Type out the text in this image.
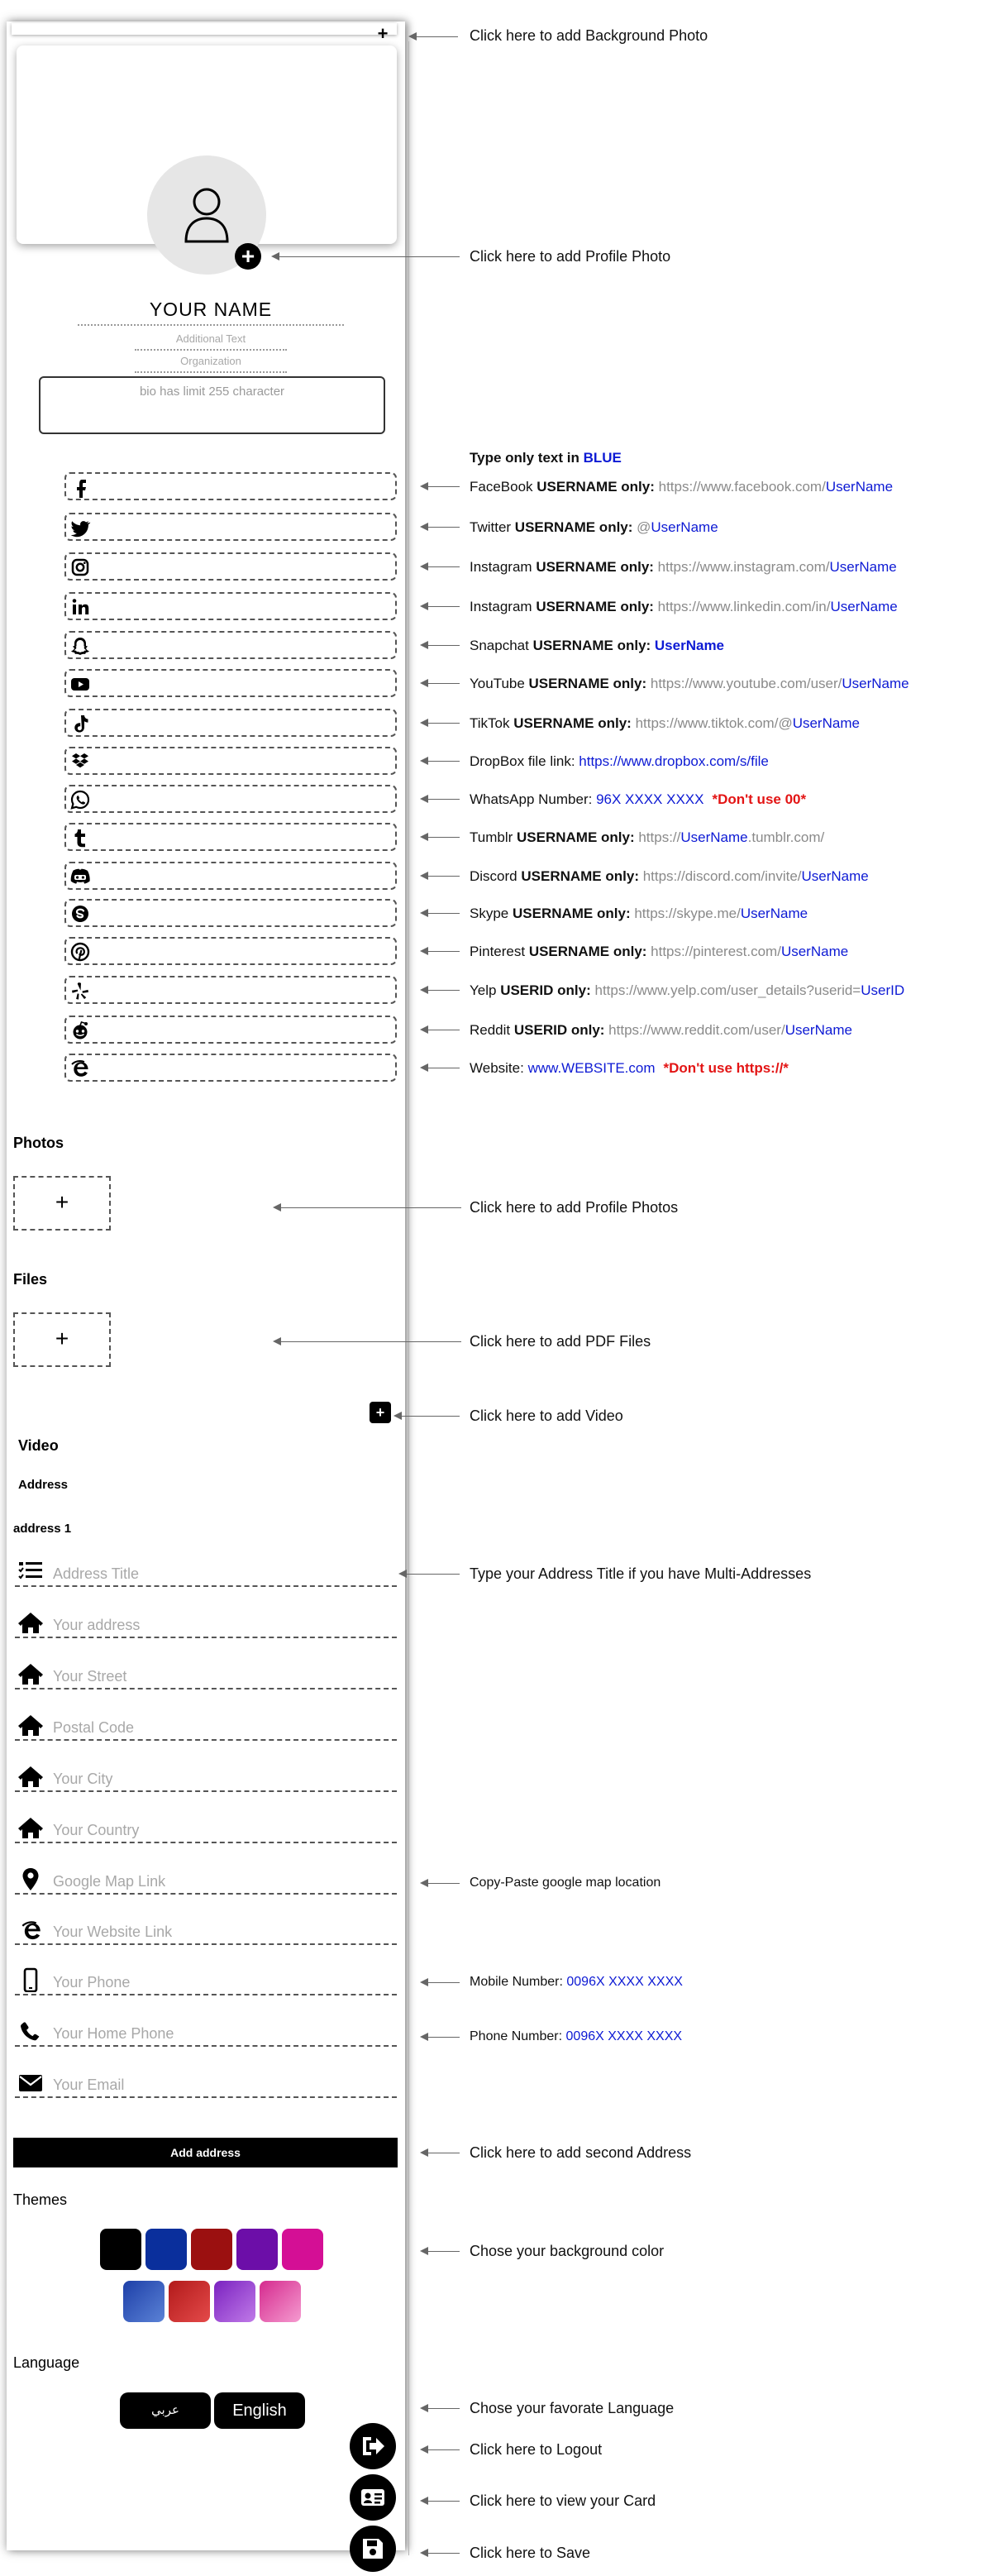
+
+
YOUR NAME
Additional Text
Organization
bio has limit 255 character
Type only text in BLUE
FaceBook USERNAME only: https://www.facebook.com/UserName
Twitter USERNAME only: @UserName
Instagram USERNAME only: https://www.instagram.com/UserName
Instagram USERNAME only: https://www.linkedin.com/in/UserName
Snapchat USERNAME only: UserName
YouTube USERNAME only: https://www.youtube.com/user/UserName
TikTok USERNAME only: https://www.tiktok.com/@UserName
DropBox file link: https://www.dropbox.com/s/file
WhatsApp Number: 96X XXXX XXXX *Don't use 00*
Tumblr USERNAME only: https://UserName.tumblr.com/
Discord USERNAME only: https://discord.com/invite/UserName
Skype USERNAME only: https://skype.me/UserName
Pinterest USERNAME only: https://pinterest.com/UserName
Yelp USERID only: https://www.yelp.com/user_details?userid=UserID
Reddit USERID only: https://www.reddit.com/user/UserName
Website: www.WEBSITE.com *Don't use https://*
Photos
+
Files
+
+
Video
Address
address 1
Address Title
Your address
Your Street
Postal Code
Your City
Your Country
Google Map Link
Your Website Link
Your Phone
Your Home Phone
Your Email
Add address
Themes
Language
عربي	English
Click here to add Background Photo
Click here to add Profile Photo
Click here to add Profile Photos
Click here to add PDF Files
Click here to add Video
Type your Address Title if you have Multi-Addresses
Copy-Paste google map location
Mobile Number: 0096X XXXX XXXX
Phone Number: 0096X XXXX XXXX
Click here to add second Address
Chose your background color
Chose your favorate Language
Click here to Logout
Click here to view your Card
Click here to Save
